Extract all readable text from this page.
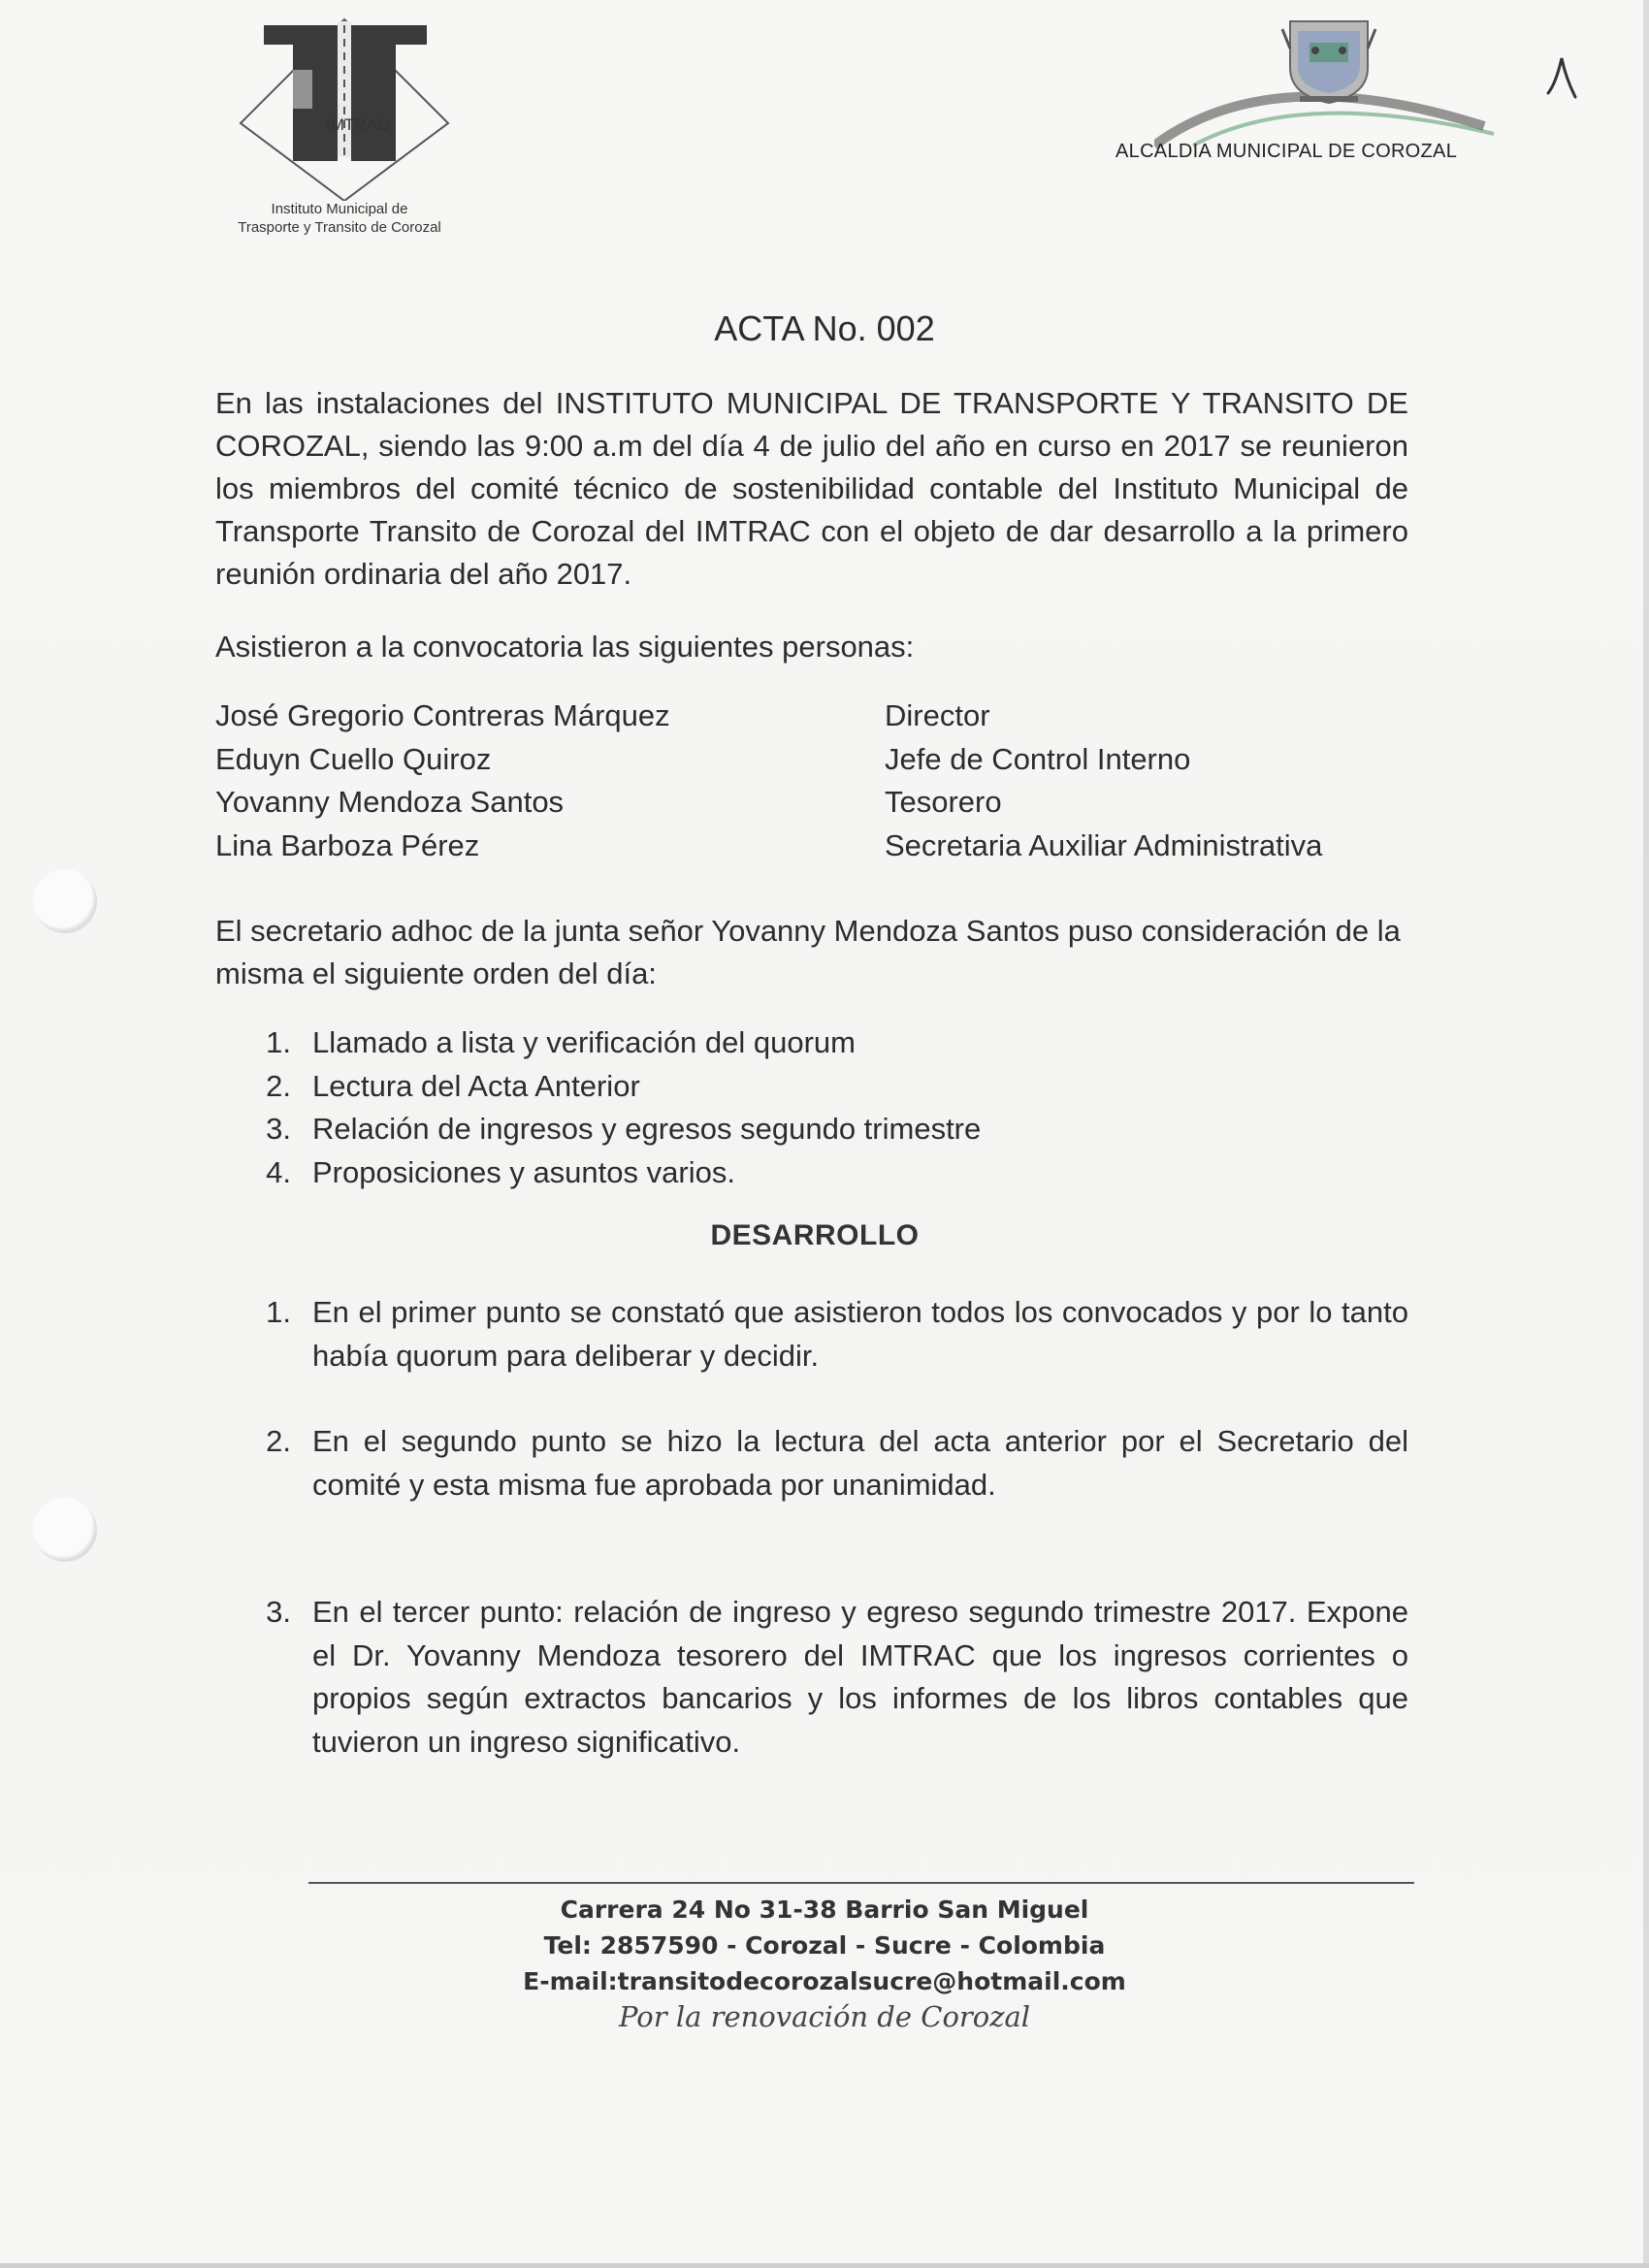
IMTRAC
Instituto Municipal de
Trasporte y Transito de Corozal
ALCALDIA MUNICIPAL DE COROZAL
ACTA No. 002

En las instalaciones del INSTITUTO MUNICIPAL DE TRANSPORTE Y TRANSITO DE COROZAL, siendo las 9:00 a.m del día 4 de julio del año en curso en 2017 se reunieron los miembros del comité técnico de sostenibilidad contable del Instituto Municipal de Transporte Transito de Corozal del IMTRAC con el objeto de dar desarrollo a la primero reunión ordinaria del año 2017.

Asistieron a la convocatoria las siguientes personas:

José Gregorio Contreras Márquez	Director
Eduyn Cuello Quiroz	Jefe de Control Interno
Yovanny Mendoza Santos	Tesorero
Lina Barboza Pérez	Secretaria Auxiliar Administrativa

El secretario adhoc de la junta señor Yovanny Mendoza Santos puso consideración de la misma el siguiente orden del día:

1. Llamado a lista y verificación del quorum
2. Lectura del Acta Anterior
3. Relación de ingresos y egresos segundo trimestre
4. Proposiciones y asuntos varios.
DESARROLLO
1. En el primer punto se constató que asistieron todos los convocados y por lo tanto había quorum para deliberar y decidir.
2. En el segundo punto se hizo la lectura del acta anterior por el Secretario del comité y esta misma fue aprobada por unanimidad.
3. En el tercer punto: relación de ingreso y egreso segundo trimestre 2017. Expone el Dr. Yovanny Mendoza tesorero del IMTRAC que los ingresos corrientes o propios según extractos bancarios y los informes de los libros contables que tuvieron un ingreso significativo.
Carrera 24 No 31-38 Barrio San Miguel
Tel: 2857590 - Corozal - Sucre - Colombia
E-mail:transitodecorozalsucre@hotmail.com
Por la renovación de Corozal
